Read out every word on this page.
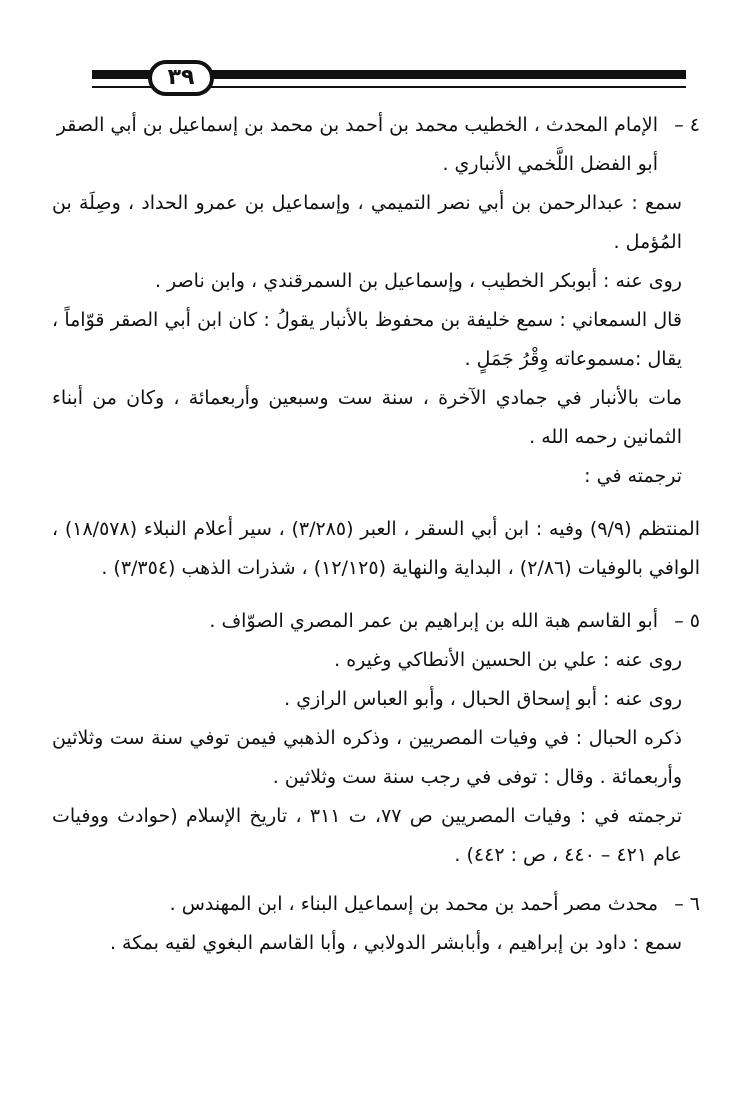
٣٩
٤ –

الإمام المحدث ، الخطيب محمد بن أحمد بن محمد بن إسماعيل بن أبي الصقر

أبو الفضل اللَّخمي الأنباري .

سمع : عبدالرحمن بن أبي نصر التميمي ، وإسماعيل بن عمرو الحداد ، وصِلَة بن المُؤمل .

روى عنه : أبوبكر الخطيب ، وإسماعيل بن السمرقندي ، وابن ناصر .

قال السمعاني : سمع خليفة بن محفوظ بالأنبار يقولُ : كان ابن أبي الصقر قوّاماً ، يقال :مسموعاته وِقْرُ جَمَلٍ .

مات بالأنبار في جمادي الآخرة ، سنة ست وسبعين وأربعمائة ، وكان من أبناء الثمانين رحمه الله .

ترجمته في :

المنتظم (٩/٩) وفيه : ابن أبي السقر ، العبر (٣/٢٨٥) ، سير أعلام النبلاء (١٨/٥٧٨) ، الوافي بالوفيات (٢/٨٦) ، البداية والنهاية (١٢/١٢٥) ، شذرات الذهب (٣/٣٥٤) .

٥ –

أبو القاسم هبة الله بن إبراهيم بن عمر المصري الصوّاف .

روى عنه : علي بن الحسين الأنطاكي وغيره .

روى عنه : أبو إسحاق الحبال ، وأبو العباس الرازي .

ذكره الحبال : في وفيات المصريين ، وذكره الذهبي فيمن توفي سنة ست وثلاثين وأربعمائة . وقال : توفى في رجب سنة ست وثلاثين .

ترجمته في : وفيات المصريين ص ٧٧، ت ٣١١ ، تاريخ الإسلام (حوادث ووفيات عام ٤٢١ – ٤٤٠ ، ص : ٤٤٢) .

٦ –

محدث مصر أحمد بن محمد بن إسماعيل البناء ، ابن المهندس .

سمع : داود بن إبراهيم ، وأبابشر الدولابي ، وأبا القاسم البغوي لقيه بمكة .
